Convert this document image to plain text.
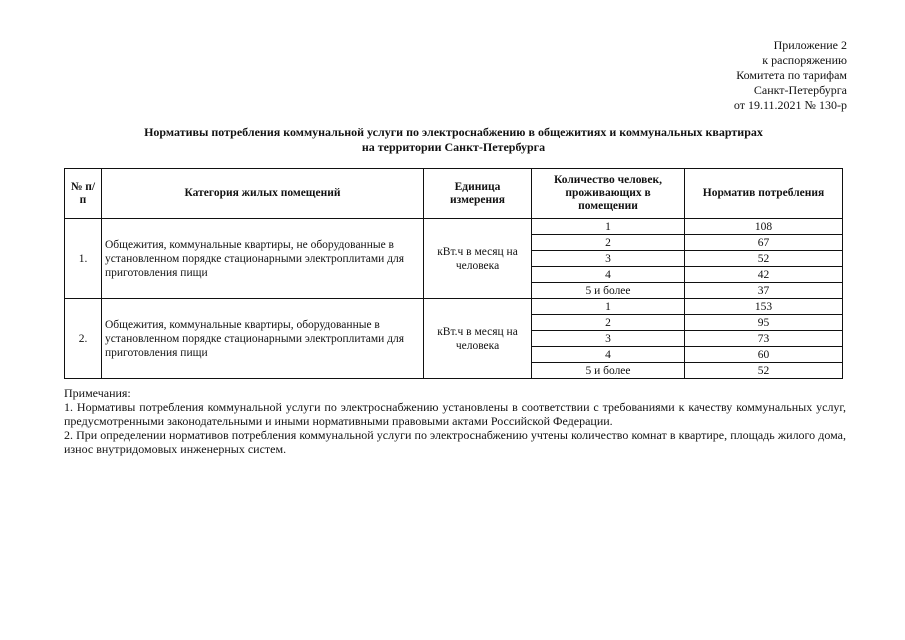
Приложение 2
к распоряжению
Комитета по тарифам
Санкт-Петербурга
от 19.11.2021 № 130-р
Нормативы потребления коммунальной услуги по электроснабжению в общежитиях и коммунальных квартирах
на территории Санкт-Петербурга
№ п/п	Категория жилых помещений	Единица измерения	Количество человек, проживающих в помещении	Норматив потребления
1.	Общежития, коммунальные квартиры, не оборудованные в установленном порядке стационарными электроплитами для приготовления пищи	кВт.ч в месяц на человека	1	108
			2	67
			3	52
			4	42
			5 и более	37
2.	Общежития, коммунальные квартиры, оборудованные в установленном порядке стационарными электроплитами для приготовления пищи	кВт.ч в месяц на человека	1	153
			2	95
			3	73
			4	60
			5 и более	52

Примечания:

1. Нормативы потребления коммунальной услуги по электроснабжению установлены в соответствии с требованиями к качеству коммунальных услуг, предусмотренными законодательными и иными нормативными правовыми актами Российской Федерации.

2. При определении нормативов потребления коммунальной услуги по электроснабжению учтены количество комнат в квартире, площадь жилого дома, износ внутридомовых инженерных систем.
